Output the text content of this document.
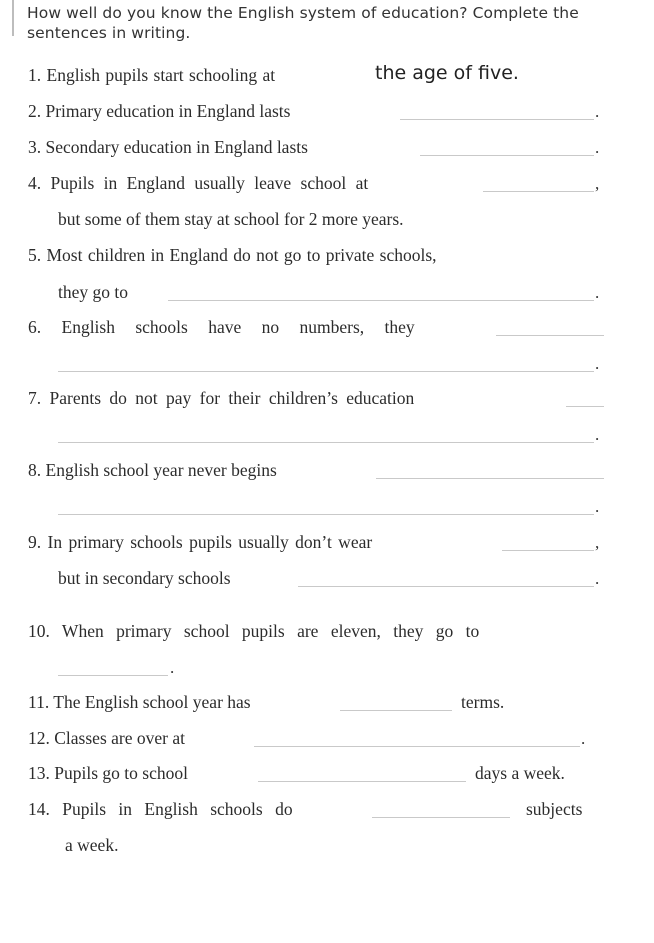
How well do you know the English system of education? Complete the sentences in writing.
1. English pupils start schooling at	the age of five.
2. Primary education in England lasts	.
3. Secondary education in England lasts	.
4. Pupils in England usually leave school at	,
but some of them stay at school for 2 more years.
5. Most children in England do not go to private schools,
they go to	.
6. English schools have no numbers, they
.
7. Parents do not pay for their children’s education
.
8. English school year never begins
.
9. In primary schools pupils usually don’t wear	,
but in secondary schools	.
10. When primary school pupils are eleven, they go to
.
11. The English school year has	terms.
12. Classes are over at	.
13. Pupils go to school	days a week.
14. Pupils in English schools do	subjects
a week.
